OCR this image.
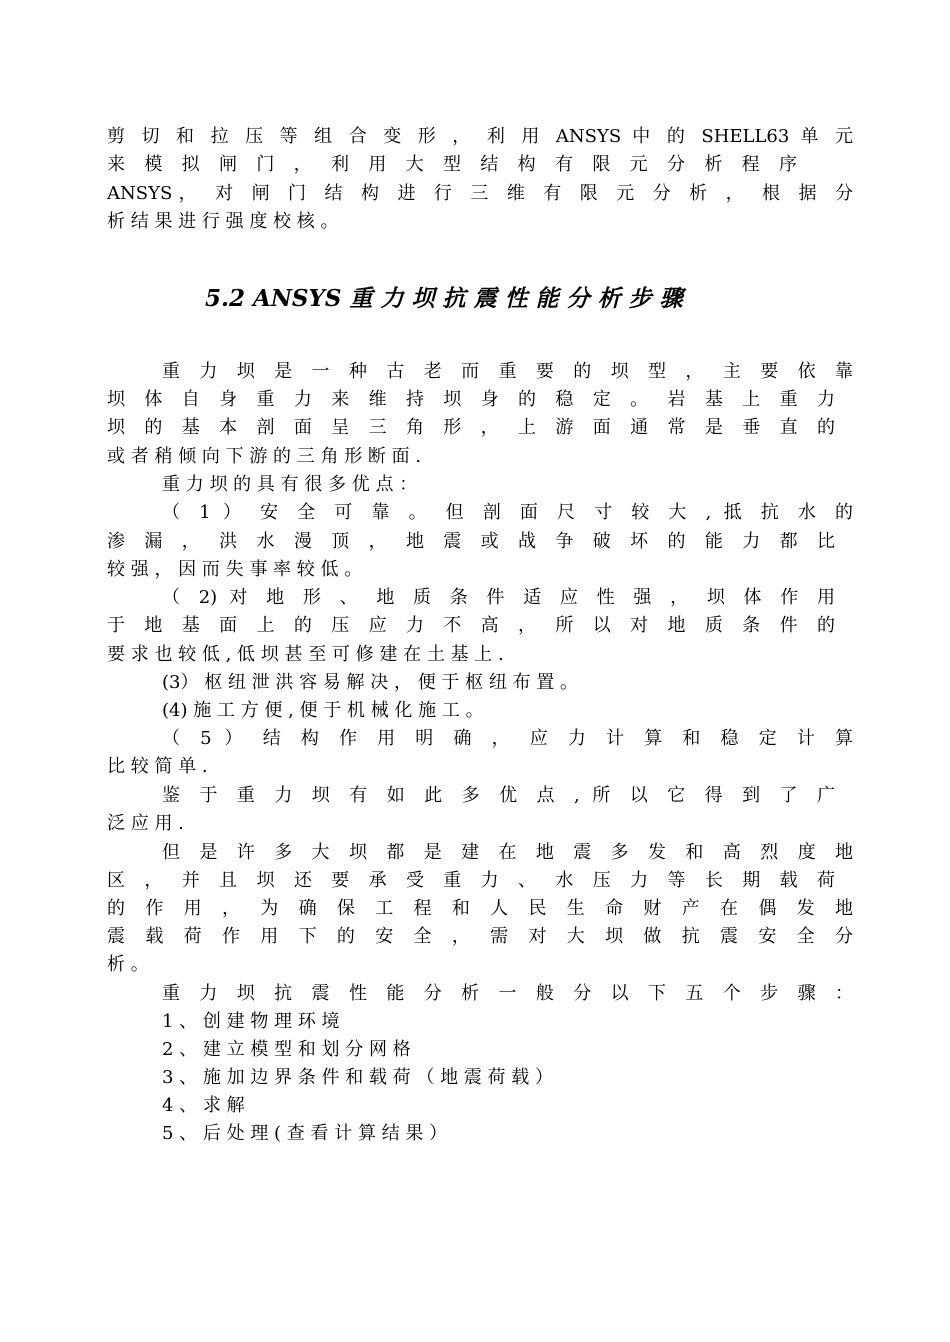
剪 切 和 拉 压 等 组 合 变 形 ， 利 用 ANSYS 中 的 SHELL63 单 元
来 模 拟 闸 门 ， 利 用 大 型 结 构 有 限 元 分 析 程 序
ANSYS， 对 闸 门 结 构 进 行 三 维 有 限 元 分 析 ， 根 据 分
析 结 果 进 行 强 度 校 核 。
5.2 ANSYS 重 力 坝 抗 震 性 能 分 析 步 骤
重 力 坝 是 一 种 古 老 而 重 要 的 坝 型 ， 主 要 依 靠
坝 体 自 身 重 力 来 维 持 坝 身 的 稳 定 。 岩 基 上 重 力
坝 的 基 本 剖 面 呈 三 角 形 ， 上 游 面 通 常 是 垂 直 的
或 者 稍 倾 向 下 游 的 三 角 形 断 面 .
重 力 坝 的 具 有 很 多 优 点 ：
（ 1 ） 安 全 可 靠 。 但 剖 面 尺 寸 较 大 , 抵 抗 水 的
渗 漏 ， 洪 水 漫 顶 ， 地 震 或 战 争 破 坏 的 能 力 都 比
较 强 ， 因 而 失 事 率 较 低 。
（ 2) 对 地 形 、 地 质 条 件 适 应 性 强 ， 坝 体 作 用
于 地 基 面 上 的 压 应 力 不 高 ， 所 以 对 地 质 条 件 的
要 求 也 较 低 , 低 坝 甚 至 可 修 建 在 土 基 上 .
(3） 枢 纽 泄 洪 容 易 解 决 ， 便 于 枢 纽 布 置 。
(4) 施 工 方 便 , 便 于 机 械 化 施 工 。
（ 5 ） 结 构 作 用 明 确 ， 应 力 计 算 和 稳 定 计 算
比 较 简 单 .
鉴 于 重 力 坝 有 如 此 多 优 点 , 所 以 它 得 到 了 广
泛 应 用 .
但 是 许 多 大 坝 都 是 建 在 地 震 多 发 和 高 烈 度 地
区 ， 并 且 坝 还 要 承 受 重 力 、 水 压 力 等 长 期 载 荷
的 作 用 ， 为 确 保 工 程 和 人 民 生 命 财 产 在 偶 发 地
震 载 荷 作 用 下 的 安 全 ， 需 对 大 坝 做 抗 震 安 全 分
析 。
重 力 坝 抗 震 性 能 分 析 一 般 分 以 下 五 个 步 骤 ：
1 、 创 建 物 理 环 境
2 、 建 立 模 型 和 划 分 网 格
3 、 施 加 边 界 条 件 和 载 荷 （ 地 震 荷 载 ）
4 、 求 解
5 、 后 处 理 ( 查 看 计 算 结 果 ）
